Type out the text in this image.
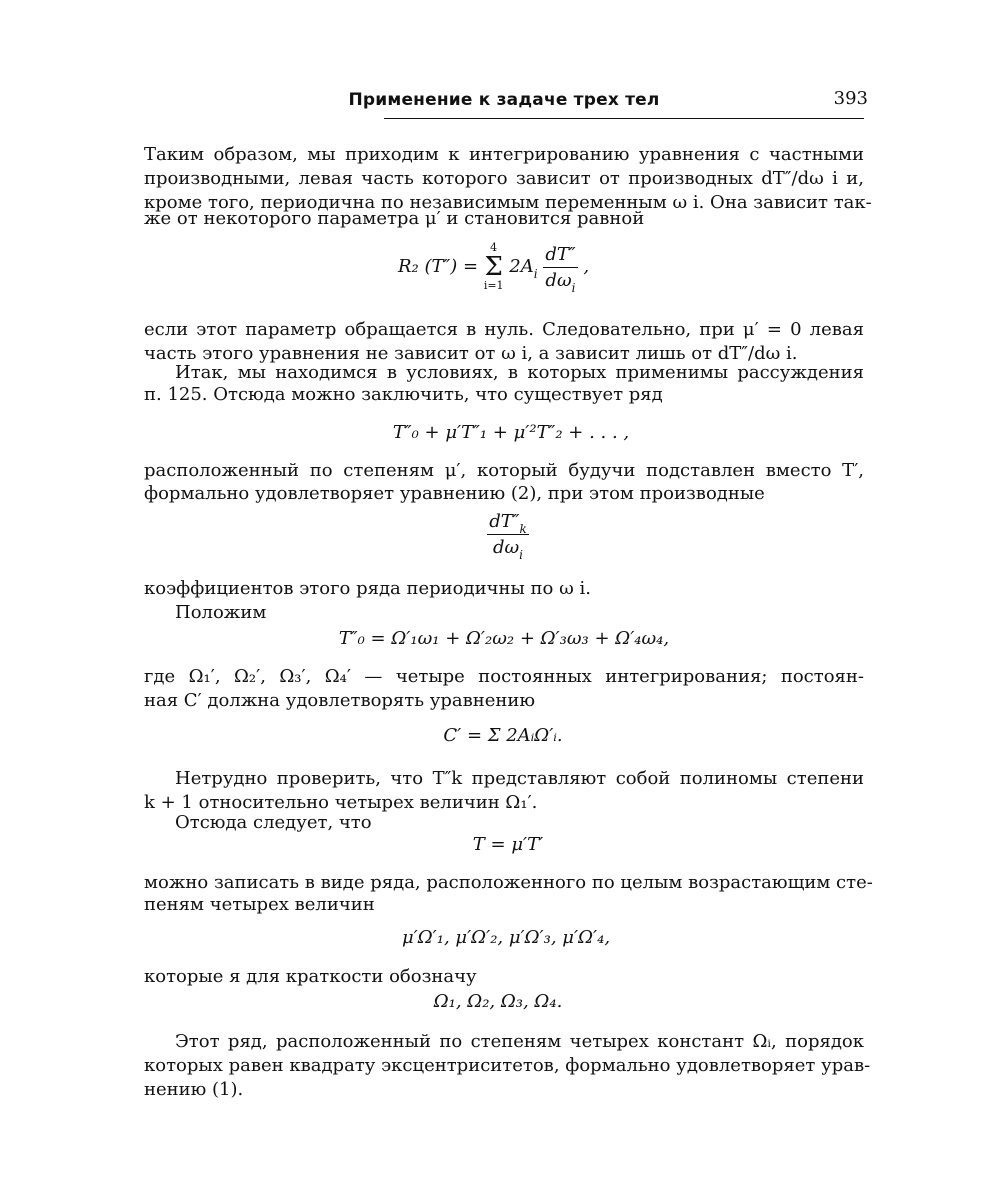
Применение к задаче трех тел	393
Таким образом, мы приходим к интегрированию уравнения с частными
производными, левая часть которого зависит от производных dT″/dω i и,
кроме того, периодична по независимым переменным ω i. Она зависит так-
же от некоторого параметра μ′ и становится равной
R₂ (T″) =
4
Σ
i=1
$2A_i \frac{dT''}{d\omega_i}$ ,
если этот параметр обращается в нуль. Следовательно, при μ′ = 0 левая
часть этого уравнения не зависит от ω i, а зависит лишь от dT″/dω i.
Итак, мы находимся в условиях, в которых применимы рассуждения
п. 125. Отсюда можно заключить, что существует ряд
T″₀ + μ′T″₁ + μ′²T″₂ + . . . ,
расположенный по степеням μ′, который будучи подставлен вместо T′,
формально удовлетворяет уравнению (2), при этом производные
$\frac{dT''_k}{d\omega_i}$
коэффициентов этого ряда периодичны по ω i.
Положим
T″₀ = Ω′₁ω₁ + Ω′₂ω₂ + Ω′₃ω₃ + Ω′₄ω₄,
где Ω₁′, Ω₂′, Ω₃′, Ω₄′ — четыре постоянных интегрирования; постоян-
ная C′ должна удовлетворять уравнению
C′ = Σ 2AᵢΩ′ᵢ.
Нетрудно проверить, что T″k представляют собой полиномы степени
k + 1 относительно четырех величин Ω₁′.
Отсюда следует, что
T = μ′T′
можно записать в виде ряда, расположенного по целым возрастающим сте-
пеням четырех величин
μ′Ω′₁, μ′Ω′₂, μ′Ω′₃, μ′Ω′₄,
которые я для краткости обозначу
Ω₁, Ω₂, Ω₃, Ω₄.
Этот ряд, расположенный по степеням четырех констант Ωᵢ, порядок
которых равен квадрату эксцентриситетов, формально удовлетворяет урав-
нению (1).
